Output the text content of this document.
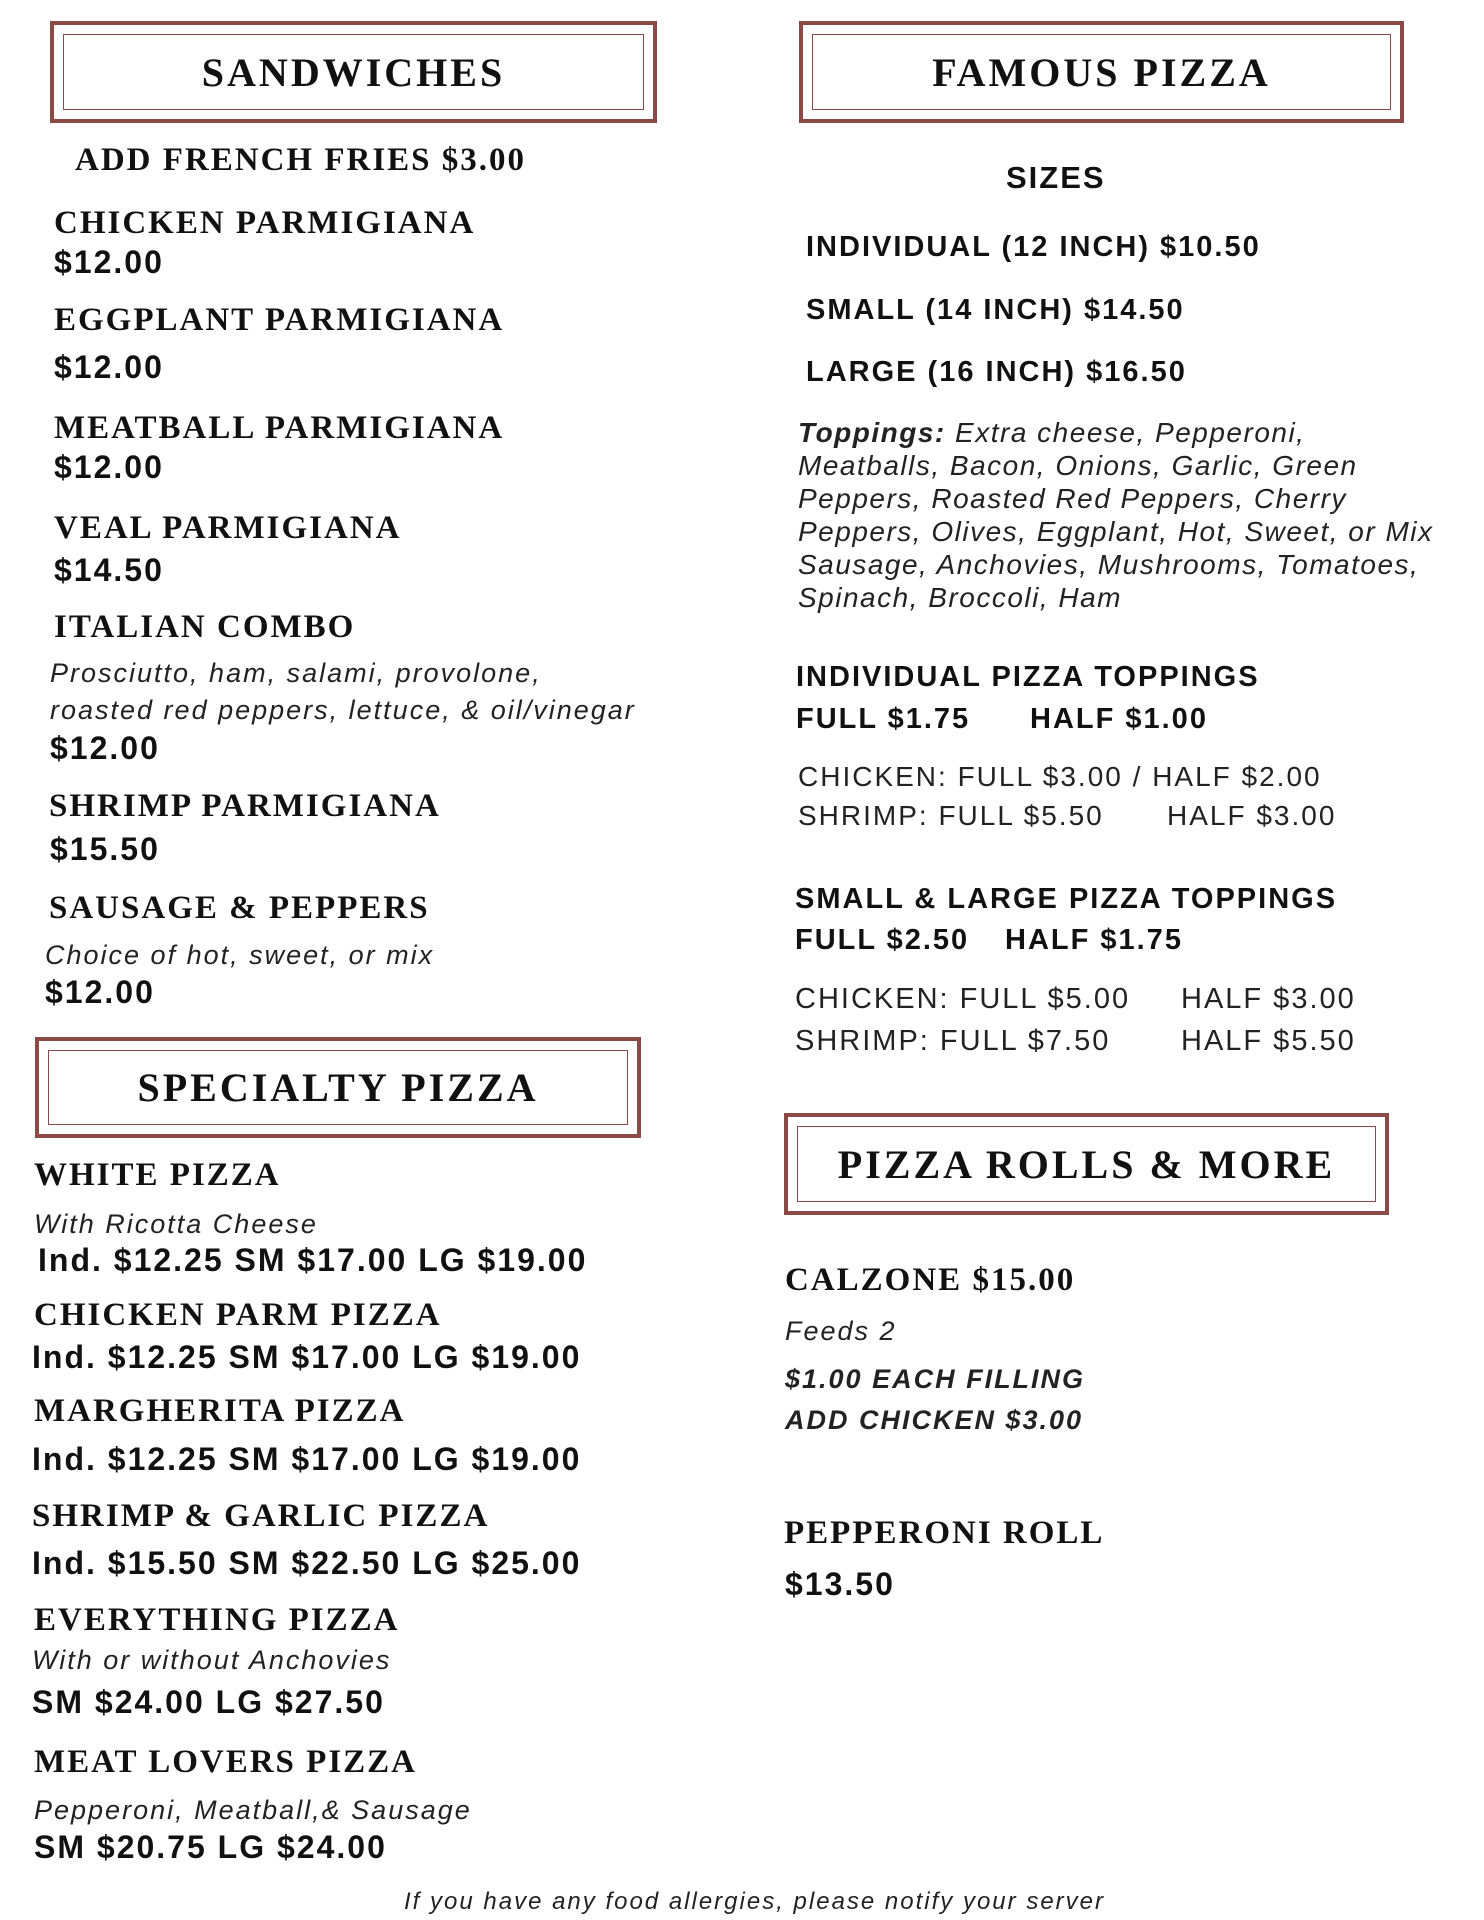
SANDWICHES
ADD FRENCH FRIES $3.00
CHICKEN PARMIGIANA
$12.00
EGGPLANT PARMIGIANA
$12.00
MEATBALL PARMIGIANA
$12.00
VEAL PARMIGIANA
$14.50
ITALIAN COMBO
Prosciutto, ham, salami, provolone,
roasted red peppers, lettuce, & oil/vinegar
$12.00
SHRIMP PARMIGIANA
$15.50
SAUSAGE & PEPPERS
Choice of hot, sweet, or mix
$12.00
SPECIALTY PIZZA
WHITE PIZZA
With Ricotta Cheese
Ind. $12.25 SM $17.00 LG $19.00
CHICKEN PARM PIZZA
Ind. $12.25 SM $17.00 LG $19.00
MARGHERITA PIZZA
Ind. $12.25 SM $17.00 LG $19.00
SHRIMP & GARLIC PIZZA
Ind. $15.50 SM $22.50 LG $25.00
EVERYTHING PIZZA
With or without Anchovies
SM $24.00 LG $27.50
MEAT LOVERS PIZZA
Pepperoni, Meatball,& Sausage
SM $20.75 LG $24.00
FAMOUS PIZZA
SIZES
INDIVIDUAL (12 INCH) $10.50
SMALL (14 INCH) $14.50
LARGE (16 INCH) $16.50
Toppings: Extra cheese, Pepperoni, Meatballs, Bacon, Onions, Garlic, Green Peppers, Roasted Red Peppers, Cherry Peppers, Olives, Eggplant, Hot, Sweet, or Mix Sausage, Anchovies, Mushrooms, Tomatoes, Spinach, Broccoli, Ham
INDIVIDUAL PIZZA TOPPINGS
FULL $1.75 HALF $1.00
CHICKEN: FULL $3.00 / HALF $2.00
SHRIMP: FULL $5.50 HALF $3.00
SMALL & LARGE PIZZA TOPPINGS
FULL $2.50 HALF $1.75
CHICKEN: FULL $5.00 HALF $3.00
SHRIMP: FULL $7.50 HALF $5.50
PIZZA ROLLS & MORE
CALZONE $15.00
Feeds 2
$1.00 EACH FILLING
ADD CHICKEN $3.00
PEPPERONI ROLL
$13.50
If you have any food allergies, please notify your server
